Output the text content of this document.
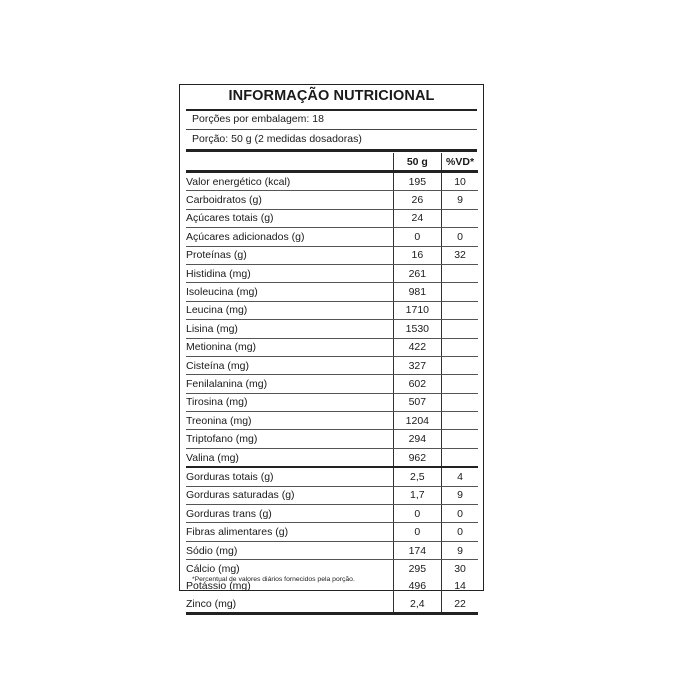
INFORMAÇÃO NUTRICIONAL
Porções por embalagem: 18
Porção: 50 g (2 medidas dosadoras)
	50 g	%VD*
Valor energético (kcal)	195	10
Carboidratos (g)	26	9
Açúcares totais (g)	24	
Açúcares adicionados (g)	0	0
Proteínas (g)	16	32
Histidina (mg)	261	
Isoleucina (mg)	981	
Leucina (mg)	1710	
Lisina (mg)	1530	
Metionina (mg)	422	
Cisteína (mg)	327	
Fenilalanina (mg)	602	
Tirosina (mg)	507	
Treonina (mg)	1204	
Triptofano (mg)	294	
Valina (mg)	962	
Gorduras totais (g)	2,5	4
Gorduras saturadas (g)	1,7	9
Gorduras trans (g)	0	0
Fibras alimentares (g)	0	0
Sódio (mg)	174	9
Cálcio (mg)	295	30
Potássio (mg)	496	14
Zinco (mg)	2,4	22
*Percentual de valores diários fornecidos pela porção.
